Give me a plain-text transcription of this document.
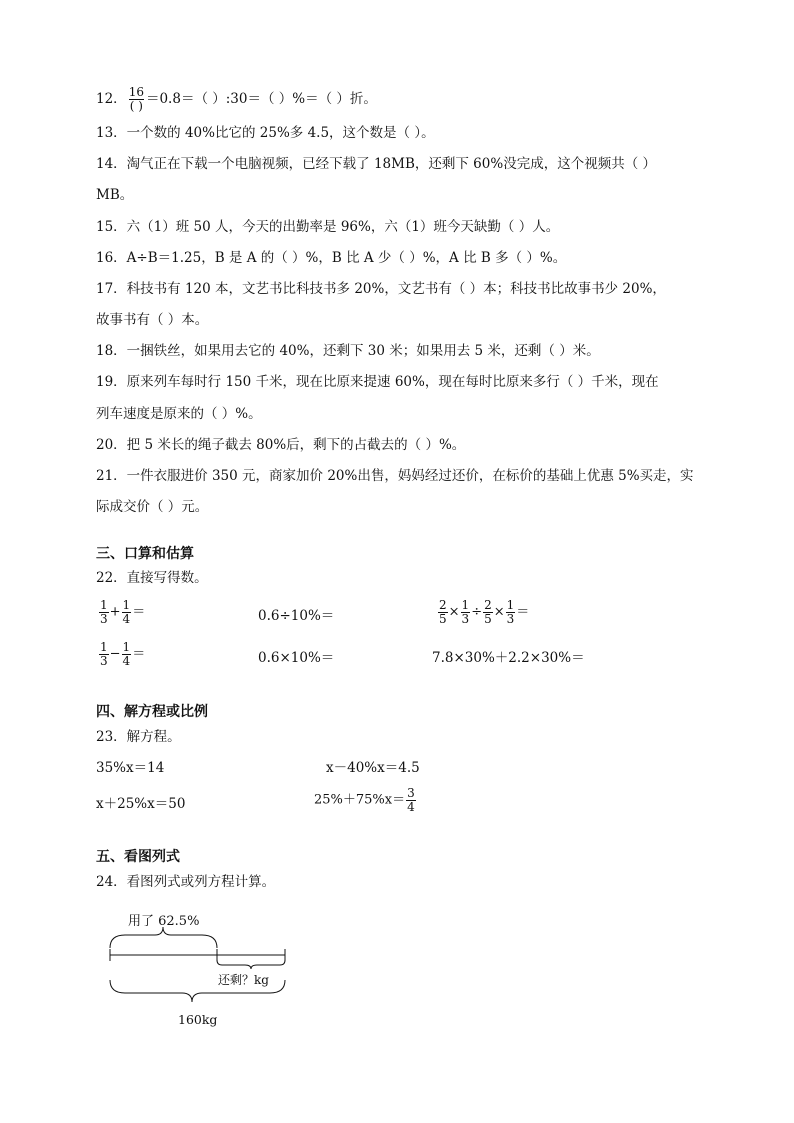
12． $\frac{16}{( )} =0.8=$（ ）:30＝（ ）%＝（ ）折。
13．一个数的 40%比它的 25%多 4.5，这个数是（ ）。
14．淘气正在下载一个电脑视频，已经下载了 18MB，还剩下 60%没完成，这个视频共（ ）
MB。
15．六（1）班 50 人，今天的出勤率是 96%，六（1）班今天缺勤（ ）人。
16．A÷B＝1.25，B 是 A 的（ ）%，B 比 A 少（ ）%，A 比 B 多（ ）%。
17．科技书有 120 本，文艺书比科技书多 20%，文艺书有（ ）本；科技书比故事书少 20%，
故事书有（ ）本。
18．一捆铁丝，如果用去它的 40%，还剩下 30 米；如果用去 5 米，还剩（ ）米。
19．原来列车每时行 150 千米，现在比原来提速 60%，现在每时比原来多行（ ）千米，现在
列车速度是原来的（ ）%。
20．把 5 米长的绳子截去 80%后，剩下的占截去的（ ）%。
21．一件衣服进价 350 元，商家加价 20%出售，妈妈经过还价，在标价的基础上优惠 5%买走，实
际成交价（ ）元。
三、口算和估算
22．直接写得数。
$\frac{1}{3} + \frac{1}{4}$ ＝	0.6÷10%＝	$\frac{2}{5} \times \frac{1}{3} \div \frac{2}{5} \times \frac{1}{3}$ ＝
$\frac{1}{3} - \frac{1}{4}$ ＝	0.6×10%＝	7.8×30%＋2.2×30%＝
四、解方程或比例
23．解方程。
35%x＝14	x－40%x＝4.5
x＋25%x＝50	$25\%+75\%x= \frac{3}{4}$
五、看图列式
24．看图列式或列方程计算。
用了 62.5%
还剩？kg
160kg
